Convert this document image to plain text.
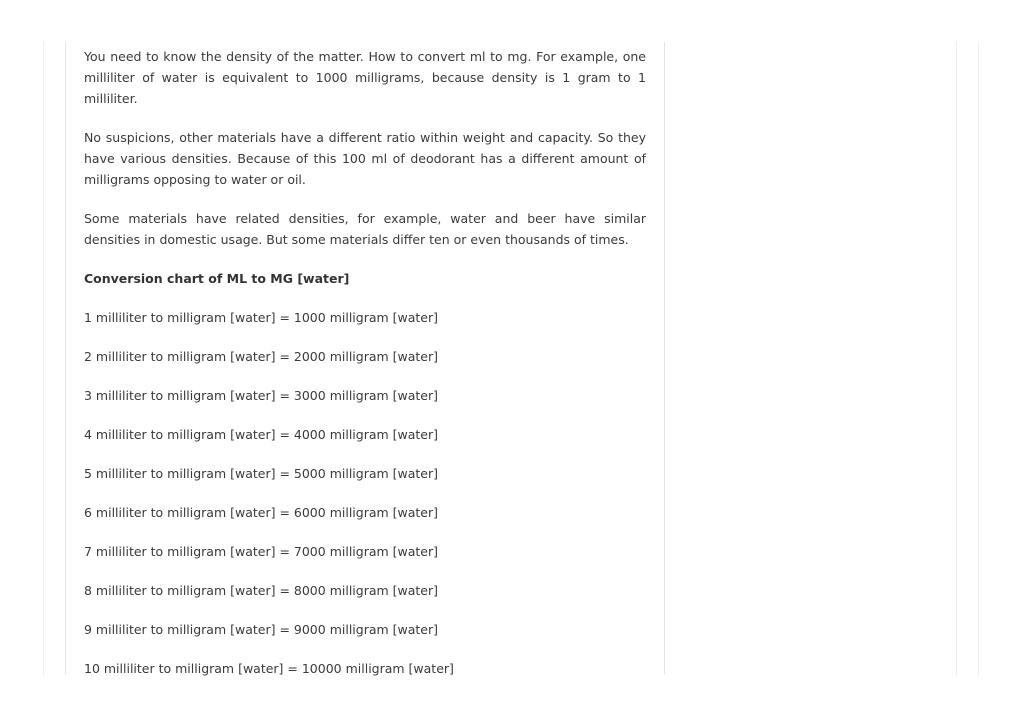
You need to know the density of the matter. How to convert ml to mg. For example, one milliliter of water is equivalent to 1000 milligrams, because density is 1 gram to 1 milliliter.

No suspicions, other materials have a different ratio within weight and capacity. So they have various densities. Because of this 100 ml of deodorant has a different amount of milligrams opposing to water or oil.

Some materials have related densities, for example, water and beer have similar densities in domestic usage. But some materials differ ten or even thousands of times.

Conversion chart of ML to MG [water]

1 milliliter to milligram [water] = 1000 milligram [water]

2 milliliter to milligram [water] = 2000 milligram [water]

3 milliliter to milligram [water] = 3000 milligram [water]

4 milliliter to milligram [water] = 4000 milligram [water]

5 milliliter to milligram [water] = 5000 milligram [water]

6 milliliter to milligram [water] = 6000 milligram [water]

7 milliliter to milligram [water] = 7000 milligram [water]

8 milliliter to milligram [water] = 8000 milligram [water]

9 milliliter to milligram [water] = 9000 milligram [water]

10 milliliter to milligram [water] = 10000 milligram [water]
